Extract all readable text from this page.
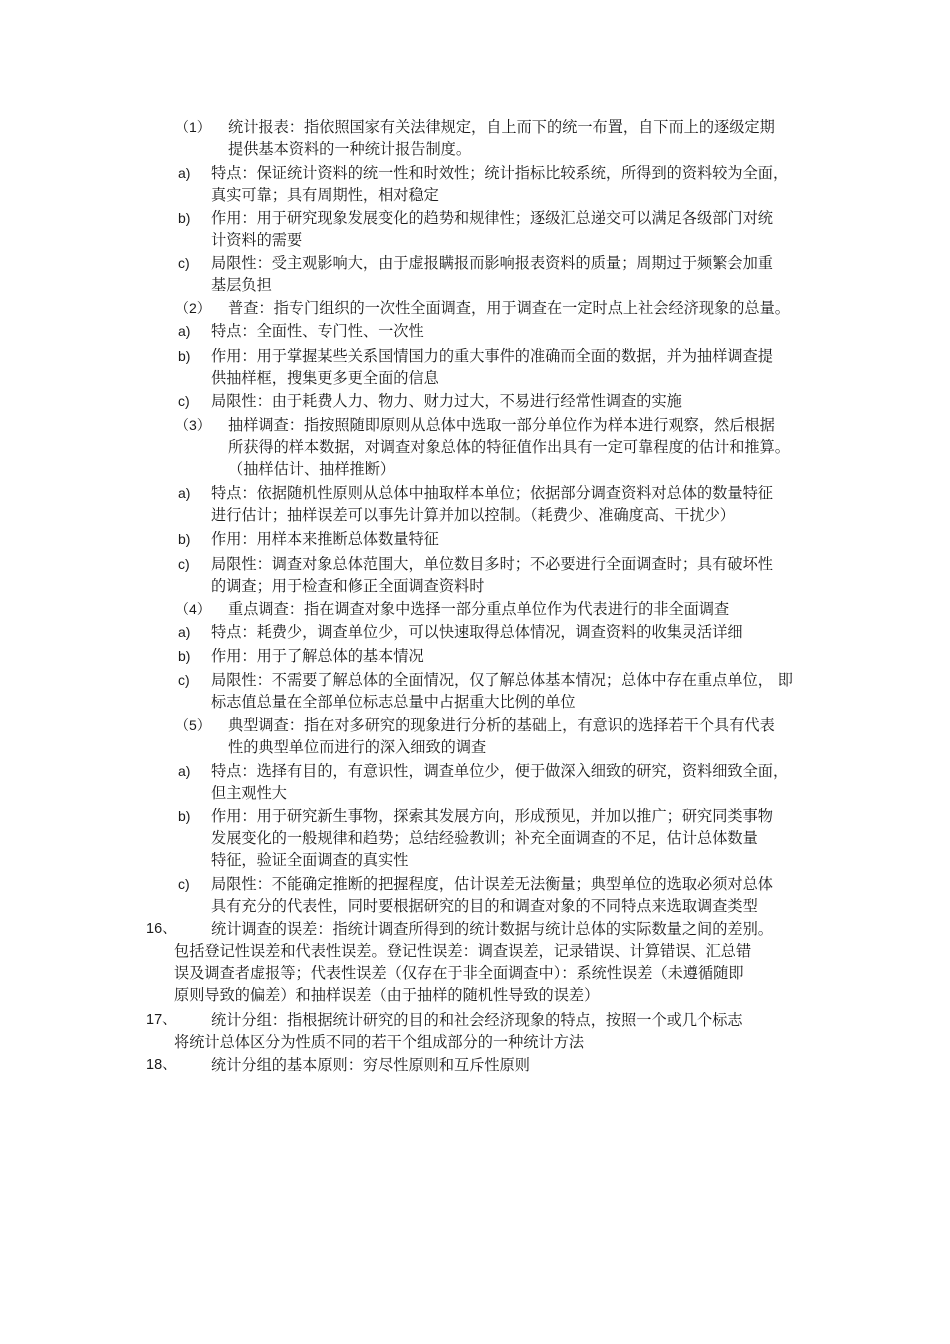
（1） 统计报表：指依照国家有关法律规定，自上而下的统一布置，自下而上的逐级定期
提供基本资料的一种统计报告制度。
a) 特点：保证统计资料的统一性和时效性；统计指标比较系统，所得到的资料较为全面，
真实可靠；具有周期性，相对稳定
b) 作用：用于研究现象发展变化的趋势和规律性；逐级汇总递交可以满足各级部门对统
计资料的需要
c) 局限性：受主观影响大，由于虚报瞒报而影响报表资料的质量；周期过于频繁会加重
基层负担
（2） 普查：指专门组织的一次性全面调查，用于调查在一定时点上社会经济现象的总量。
a) 特点：全面性、专门性、一次性
b) 作用：用于掌握某些关系国情国力的重大事件的准确而全面的数据，并为抽样调查提
供抽样框，搜集更多更全面的信息
c) 局限性：由于耗费人力、物力、财力过大，不易进行经常性调查的实施
（3） 抽样调查：指按照随即原则从总体中选取一部分单位作为样本进行观察，然后根据
所获得的样本数据，对调查对象总体的特征值作出具有一定可靠程度的估计和推算。
（抽样估计、抽样推断）
a) 特点：依据随机性原则从总体中抽取样本单位；依据部分调查资料对总体的数量特征
进行估计；抽样误差可以事先计算并加以控制。（耗费少、准确度高、干扰少）
b) 作用：用样本来推断总体数量特征
c) 局限性：调查对象总体范围大，单位数目多时；不必要进行全面调查时；具有破坏性
的调查；用于检查和修正全面调查资料时
（4） 重点调查：指在调查对象中选择一部分重点单位作为代表进行的非全面调查
a) 特点：耗费少，调查单位少，可以快速取得总体情况，调查资料的收集灵活详细
b) 作用：用于了解总体的基本情况
c) 局限性：不需要了解总体的全面情况，仅了解总体基本情况；总体中存在重点单位， 即
标志值总量在全部单位标志总量中占据重大比例的单位
（5） 典型调查：指在对多研究的现象进行分析的基础上，有意识的选择若干个具有代表
性的典型单位而进行的深入细致的调查
a) 特点：选择有目的，有意识性，调查单位少，便于做深入细致的研究，资料细致全面，
但主观性大
b) 作用：用于研究新生事物，探索其发展方向，形成预见，并加以推广；研究同类事物
发展变化的一般规律和趋势；总结经验教训；补充全面调查的不足，估计总体数量
特征，验证全面调查的真实性
c) 局限性：不能确定推断的把握程度，估计误差无法衡量；典型单位的选取必须对总体
具有充分的代表性，同时要根据研究的目的和调查对象的不同特点来选取调查类型
16、 统计调查的误差：指统计调查所得到的统计数据与统计总体的实际数量之间的差别。
包括登记性误差和代表性误差。登记性误差：调查误差，记录错误、计算错误、汇总错
误及调查者虚报等；代表性误差（仅存在于非全面调查中）：系统性误差（未遵循随即
原则导致的偏差）和抽样误差（由于抽样的随机性导致的误差）
17、 统计分组：指根据统计研究的目的和社会经济现象的特点，按照一个或几个标志
将统计总体区分为性质不同的若干个组成部分的一种统计方法
18、 统计分组的基本原则：穷尽性原则和互斥性原则
